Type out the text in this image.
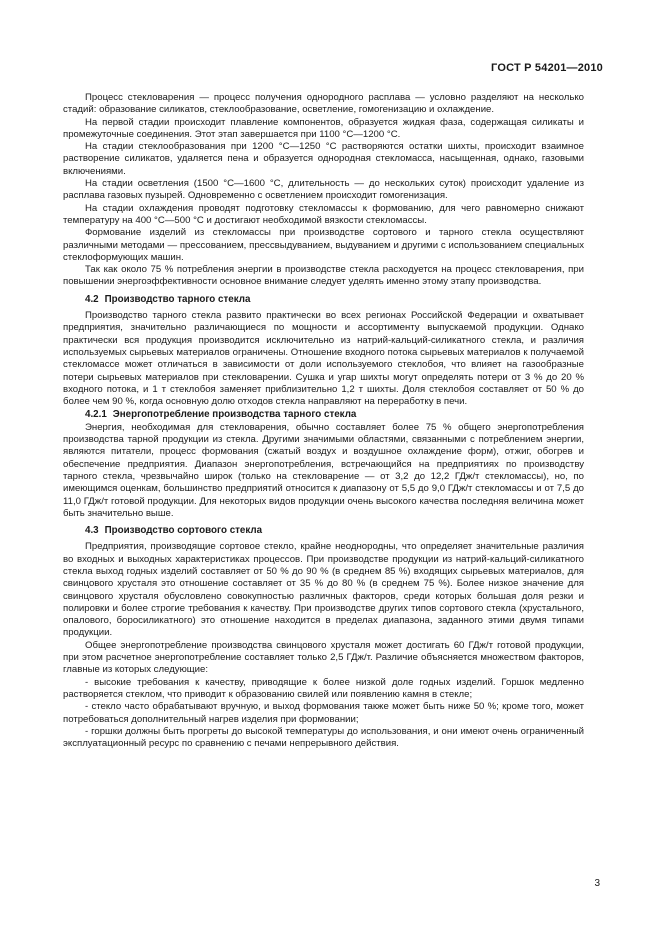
ГОСТ Р 54201—2010

Процесс стекловарения — процесс получения однородного расплава — условно разделяют на несколько стадий: образование силикатов, стеклообразование, осветление, гомогенизацию и охлаждение.

На первой стадии происходит плавление компонентов, образуется жидкая фаза, содержащая силикаты и промежуточные соединения. Этот этап завершается при 1100 °С—1200 °С.

На стадии стеклообразования при 1200 °С—1250 °С растворяются остатки шихты, происходит взаимное растворение силикатов, удаляется пена и образуется однородная стекломасса, насыщенная, однако, газовыми включениями.

На стадии осветления (1500 °С—1600 °С, длительность — до нескольких суток) происходит удаление из расплава газовых пузырей. Одновременно с осветлением происходит гомогенизация.

На стадии охлаждения проводят подготовку стекломассы к формованию, для чего равномерно снижают температуру на 400 °С—500 °С и достигают необходимой вязкости стекломассы.

Формование изделий из стекломассы при производстве сортового и тарного стекла осуществляют различными методами — прессованием, прессвыдуванием, выдуванием и другими с использованием специальных стеклоформующих машин.

Так как около 75 % потребления энергии в производстве стекла расходуется на процесс стекловарения, при повышении энергоэффективности основное внимание следует уделять именно этому этапу производства.

4.2 Производство тарного стекла

Производство тарного стекла развито практически во всех регионах Российской Федерации и охватывает предприятия, значительно различающиеся по мощности и ассортименту выпускаемой продукции. Однако практически вся продукция производится исключительно из натрий-кальций-силикатного стекла, и различия используемых сырьевых материалов ограничены. Отношение входного потока сырьевых материалов к получаемой стекломассе может отличаться в зависимости от доли используемого стеклобоя, что влияет на газообразные потери сырьевых материалов при стекловарении. Сушка и угар шихты могут определять потери от 3 % до 20 % входного потока, и 1 т стеклобоя заменяет приблизительно 1,2 т шихты. Доля стеклобоя составляет от 50 % до более чем 90 %, когда основную долю отходов стекла направляют на переработку в печи.

4.2.1 Энергопотребление производства тарного стекла

Энергия, необходимая для стекловарения, обычно составляет более 75 % общего энергопотребления производства тарной продукции из стекла. Другими значимыми областями, связанными с потреблением энергии, являются питатели, процесс формования (сжатый воздух и воздушное охлаждение форм), отжиг, обогрев и обеспечение предприятия. Диапазон энергопотребления, встречающийся на предприятиях по производству тарного стекла, чрезвычайно широк (только на стекловарение — от 3,2 до 12,2 ГДж/т стекломассы), но, по имеющимся оценкам, большинство предприятий относится к диапазону от 5,5 до 9,0 ГДж/т стекломассы и от 7,5 до 11,0 ГДж/т готовой продукции. Для некоторых видов продукции очень высокого качества последняя величина может быть значительно выше.

4.3 Производство сортового стекла

Предприятия, производящие сортовое стекло, крайне неоднородны, что определяет значительные различия во входных и выходных характеристиках процессов. При производстве продукции из натрий-кальций-силикатного стекла выход годных изделий составляет от 50 % до 90 % (в среднем 85 %) входящих сырьевых материалов, для свинцового хрусталя это отношение составляет от 35 % до 80 % (в среднем 75 %). Более низкое значение для свинцового хрусталя обусловлено совокупностью различных факторов, среди которых большая доля резки и полировки и более строгие требования к качеству. При производстве других типов сортового стекла (хрустального, опалового, боросиликатного) это отношение находится в пределах диапазона, заданного этими двумя типами продукции.

Общее энергопотребление производства свинцового хрусталя может достигать 60 ГДж/т готовой продукции, при этом расчетное энергопотребление составляет только 2,5 ГДж/т. Различие объясняется множеством факторов, главные из которых следующие:

- высокие требования к качеству, приводящие к более низкой доле годных изделий. Горшок медленно растворяется стеклом, что приводит к образованию свилей или появлению камня в стекле;

- стекло часто обрабатывают вручную, и выход формования также может быть ниже 50 %; кроме того, может потребоваться дополнительный нагрев изделия при формовании;

- горшки должны быть прогреты до высокой температуры до использования, и они имеют очень ограниченный эксплуатационный ресурс по сравнению с печами непрерывного действия.

3
